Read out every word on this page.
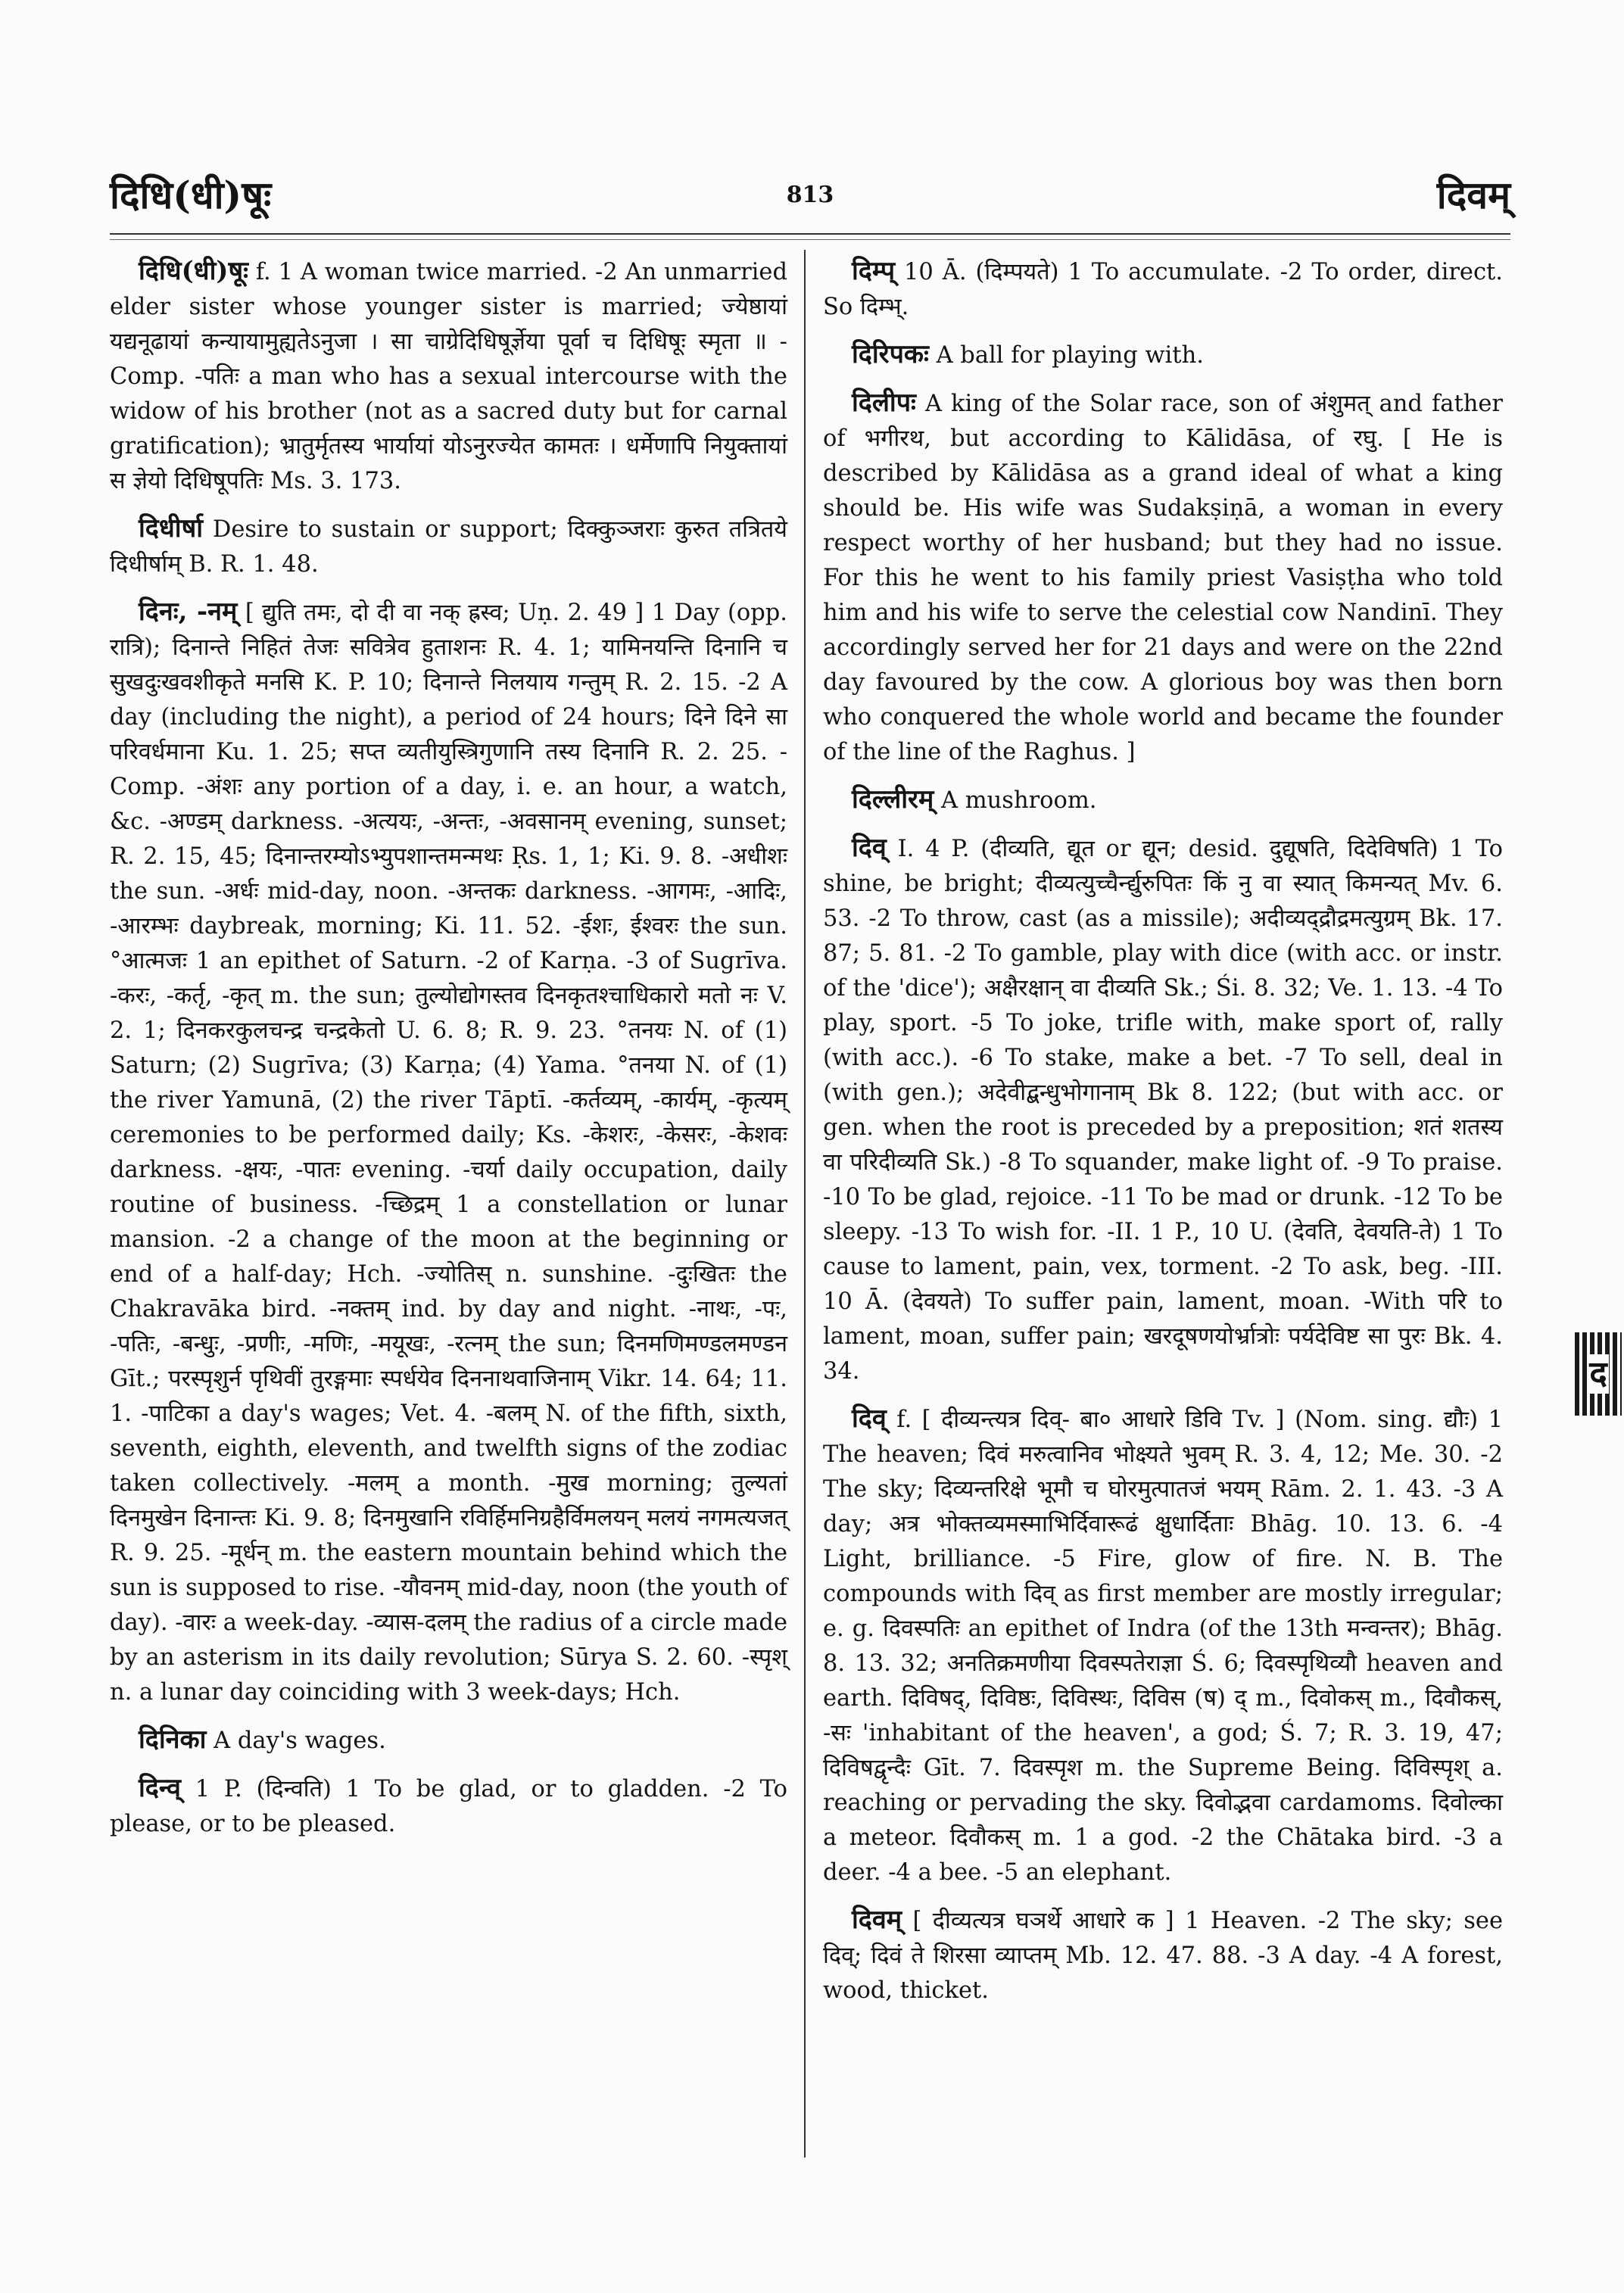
दिधि(धी)षूः	813	दिवम्

दिधि(धी)षूः f. 1 A woman twice married. -2 An unmarried elder sister whose younger sister is married; ज्येष्ठायां यद्यनूढायां कन्यायामुह्यतेऽनुजा । सा चाग्रेदिधिषूर्ज्ञेया पूर्वा च दिधिषूः स्मृता ॥ -Comp. -पतिः a man who has a sexual intercourse with the widow of his brother (not as a sacred duty but for carnal gratification); भ्रातुर्मृतस्य भार्यायां योऽनुरज्येत कामतः । धर्मेणापि नियुक्तायां स ज्ञेयो दिधिषूपतिः Ms. 3. 173.

दिधीर्षा Desire to sustain or support; दिक्कुञ्जराः कुरुत तत्रितये दिधीर्षाम् B. R. 1. 48.

दिनः, -नम् [ द्युति तमः, दो दी वा नक् ह्रस्व; Uṇ. 2. 49 ] 1 Day (opp. रात्रि); दिनान्ते निहितं तेजः सवित्रेव हुताशनः R. 4. 1; यामिनयन्ति दिनानि च सुखदुःखवशीकृते मनसि K. P. 10; दिनान्ते निलयाय गन्तुम् R. 2. 15. -2 A day (including the night), a period of 24 hours; दिने दिने सा परिवर्धमाना Ku. 1. 25; सप्त व्यतीयुस्त्रिगुणानि तस्य दिनानि R. 2. 25. -Comp. -अंशः any portion of a day, i. e. an hour, a watch, &c. -अण्डम् darkness. -अत्ययः, -अन्तः, -अवसानम् evening, sunset; R. 2. 15, 45; दिनान्तरम्योऽभ्युपशान्तमन्मथः Ṛs. 1, 1; Ki. 9. 8. -अधीशः the sun. -अर्धः mid-day, noon. -अन्तकः darkness. -आगमः, -आदिः, -आरम्भः daybreak, morning; Ki. 11. 52. -ईशः, ईश्वरः the sun. °आत्मजः 1 an epithet of Saturn. -2 of Karṇa. -3 of Sugrīva. -करः, -कर्तृ, -कृत् m. the sun; तुल्योद्योगस्तव दिनकृतश्चाधिकारो मतो नः V. 2. 1; दिनकरकुलचन्द्र चन्द्रकेतो U. 6. 8; R. 9. 23. °तनयः N. of (1) Saturn; (2) Sugrīva; (3) Karṇa; (4) Yama. °तनया N. of (1) the river Yamunā, (2) the river Tāptī. -कर्तव्यम्, -कार्यम्, -कृत्यम् ceremonies to be performed daily; Ks. -केशरः, -केसरः, -केशवः darkness. -क्षयः, -पातः evening. -चर्या daily occupation, daily routine of business. -च्छिद्रम् 1 a constellation or lunar mansion. -2 a change of the moon at the beginning or end of a half-day; Hch. -ज्योतिस् n. sunshine. -दुःखितः the Chakravāka bird. -नक्तम् ind. by day and night. -नाथः, -पः, -पतिः, -बन्धुः, -प्रणीः, -मणिः, -मयूखः, -रत्नम् the sun; दिनमणिमण्डलमण्डन Gīt.; परस्पृशुर्न पृथिवीं तुरङ्गमाः स्पर्धयेव दिननाथवाजिनाम् Vikr. 14. 64; 11. 1. -पाटिका a day's wages; Vet. 4. -बलम् N. of the fifth, sixth, seventh, eighth, eleventh, and twelfth signs of the zodiac taken collectively. -मलम् a month. -मुख morning; तुल्यतां दिनमुखेन दिनान्तः Ki. 9. 8; दिनमुखानि रविर्हिमनिग्रहैर्विमलयन् मलयं नगमत्यजत् R. 9. 25. -मूर्धन् m. the eastern mountain behind which the sun is supposed to rise. -यौवनम् mid-day, noon (the youth of day). -वारः a week-day. -व्यास-दलम् the radius of a circle made by an asterism in its daily revolution; Sūrya S. 2. 60. -स्पृश् n. a lunar day coinciding with 3 week-days; Hch.

दिनिका A day's wages.

दिन्व् 1 P. (दिन्वति) 1 To be glad, or to gladden. -2 To please, or to be pleased.

दिम्प् 10 Ā. (दिम्पयते) 1 To accumulate. -2 To order, direct. So दिम्भ्.

दिरिपकः A ball for playing with.

दिलीपः A king of the Solar race, son of अंशुमत् and father of भगीरथ, but according to Kālidāsa, of रघु. [ He is described by Kālidāsa as a grand ideal of what a king should be. His wife was Sudakṣiṇā, a woman in every respect worthy of her husband; but they had no issue. For this he went to his family priest Vasiṣṭha who told him and his wife to serve the celestial cow Nandinī. They accordingly served her for 21 days and were on the 22nd day favoured by the cow. A glorious boy was then born who conquered the whole world and became the founder of the line of the Raghus. ]

दिल्लीरम् A mushroom.

दिव् I. 4 P. (दीव्यति, द्यूत or द्यून; desid. दुद्यूषति, दिदेविषति) 1 To shine, be bright; दीव्यत्युच्चैर्न्द्युरुपितः किं नु वा स्यात् किमन्यत् Mv. 6. 53. -2 To throw, cast (as a missile); अदीव्यद्द्रौद्रमत्युग्रम् Bk. 17. 87; 5. 81. -2 To gamble, play with dice (with acc. or instr. of the 'dice'); अक्षैरक्षान् वा दीव्यति Sk.; Śi. 8. 32; Ve. 1. 13. -4 To play, sport. -5 To joke, trifle with, make sport of, rally (with acc.). -6 To stake, make a bet. -7 To sell, deal in (with gen.); अदेवीद्बन्धुभोगानाम् Bk 8. 122; (but with acc. or gen. when the root is preceded by a preposition; शतं शतस्य वा परिदीव्यति Sk.) -8 To squander, make light of. -9 To praise. -10 To be glad, rejoice. -11 To be mad or drunk. -12 To be sleepy. -13 To wish for. -II. 1 P., 10 U. (देवति, देवयति-ते) 1 To cause to lament, pain, vex, torment. -2 To ask, beg. -III. 10 Ā. (देवयते) To suffer pain, lament, moan. -With परि to lament, moan, suffer pain; खरदूषणयोर्भ्रात्रोः पर्यदेविष्ट सा पुरः Bk. 4. 34.

दिव् f. [ दीव्यन्त्यत्र दिव्- बा० आधारे डिवि Tv. ] (Nom. sing. द्यौः) 1 The heaven; दिवं मरुत्वानिव भोक्ष्यते भुवम् R. 3. 4, 12; Me. 30. -2 The sky; दिव्यन्तरिक्षे भूमौ च घोरमुत्पातजं भयम् Rām. 2. 1. 43. -3 A day; अत्र भोक्तव्यमस्माभिर्दिवारूढं क्षुधार्दिताः Bhāg. 10. 13. 6. -4 Light, brilliance. -5 Fire, glow of fire. N. B. The compounds with दिव् as first member are mostly irregular; e. g. दिवस्पतिः an epithet of Indra (of the 13th मन्वन्तर); Bhāg. 8. 13. 32; अनतिक्रमणीया दिवस्पतेराज्ञा Ś. 6; दिवस्पृथिव्यौ heaven and earth. दिविषद्, दिविष्ठः, दिविस्थः, दिविस (ष) द् m., दिवोकस् m., दिवौकस्, -सः 'inhabitant of the heaven', a god; Ś. 7; R. 3. 19, 47; दिविषद्वृन्दैः Gīt. 7. दिवस्पृश m. the Supreme Being. दिविस्पृश् a. reaching or pervading the sky. दिवोद्भवा cardamoms. दिवोल्का a meteor. दिवौकस् m. 1 a god. -2 the Chātaka bird. -3 a deer. -4 a bee. -5 an elephant.

दिवम् [ दीव्यत्यत्र घञर्थे आधारे क ] 1 Heaven. -2 The sky; see दिव्; दिवं ते शिरसा व्याप्तम् Mb. 12. 47. 88. -3 A day. -4 A forest, wood, thicket.

द
